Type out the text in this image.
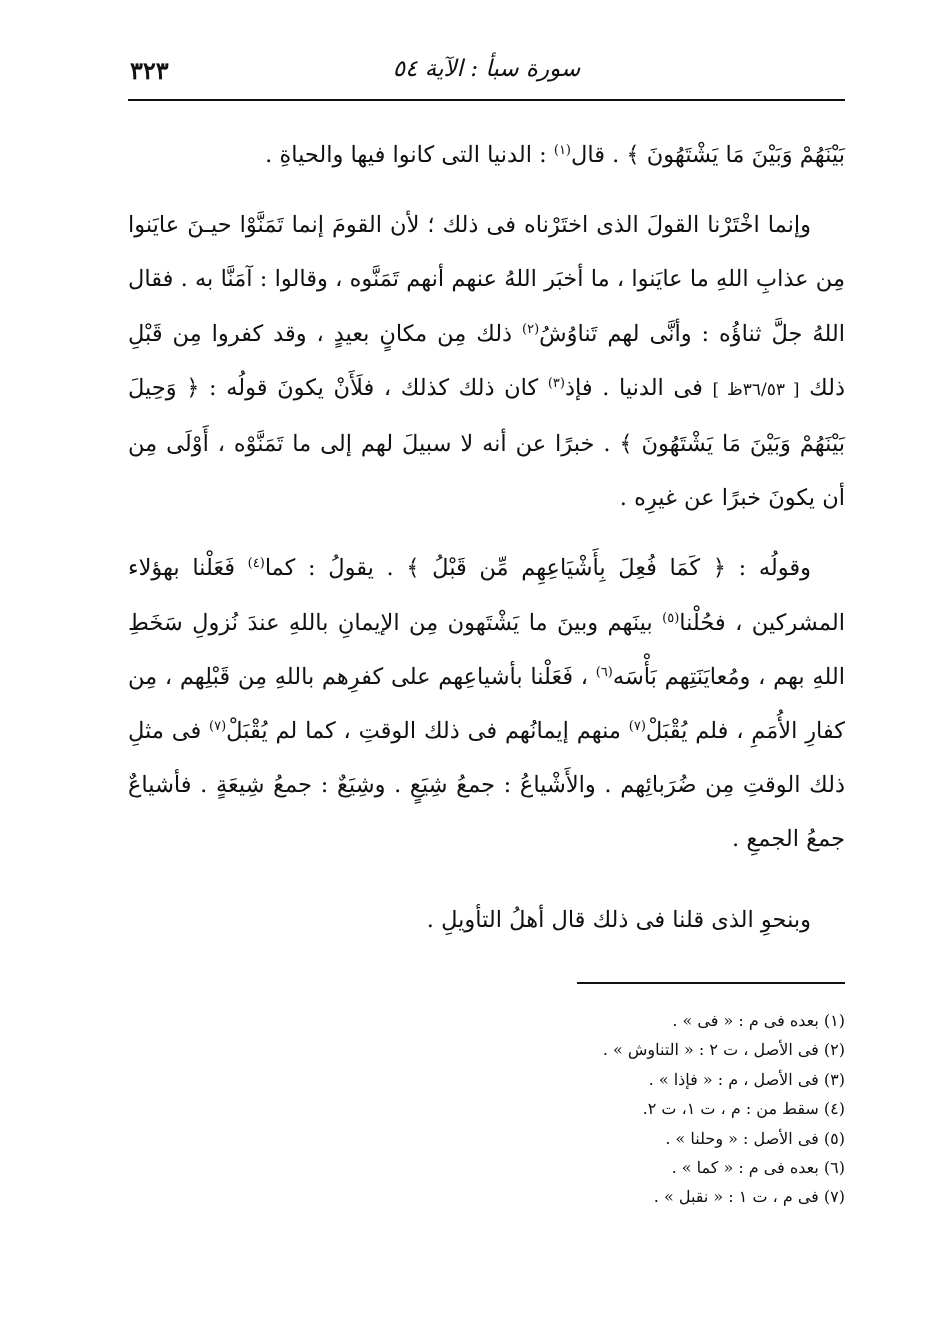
سورة سبأ : الآية ٥٤
٣٢٣

بَيْنَهُمْ وَبَيْنَ مَا يَشْتَهُونَ ﴾ . قال$^{(١)}$ : الدنيا التى كانوا فيها والحياةِ .

وإنما اخْتَرْنا القولَ الذى اختَرْناه فى ذلك ؛ لأن القومَ إنما تَمَنَّوْا حيـنَ عايَنوا مِن عذابِ اللهِ ما عايَنوا ، ما أخبَر اللهُ عنهم أنهم تَمَنَّوه ، وقالوا : آمَنَّا به . فقال اللهُ جلَّ ثناؤُه : وأنَّى لهم تَناوُشُ$^{(٢)}$ ذلك مِن مكانٍ بعيدٍ ، وقد كفروا مِن قَبْلِ ذلك [ ٣٦/٥٣ظ ] فى الدنيا . فإذ$^{(٣)}$ كان ذلك كذلك ، فلَأَنْ يكونَ قولُه : ﴿ وَحِيلَ بَيْنَهُمْ وَبَيْنَ مَا يَشْتَهُونَ ﴾ . خبرًا عن أنه لا سبيلَ لهم إلى ما تَمَنَّوْه ، أَوْلَى مِن أن يكونَ خبرًا عن غيرِه .

وقولُه : ﴿ كَمَا فُعِلَ بِأَشْيَاعِهِم مِّن قَبْلُ ﴾ . يقولُ : كما$^{(٤)}$ فَعَلْنا بهؤلاء المشركين ، فحُلْنا$^{(٥)}$ بينَهم وبينَ ما يَشْتَهون مِن الإيمانِ باللهِ عندَ نُزولِ سَخَطِ اللهِ بهم ، ومُعايَنَتِهم بَأْسَه$^{(٦)}$ ، فَعَلْنا بأشياعِهم على كفرِهم باللهِ مِن قَبْلِهم ، مِن كفارِ الأُمَمِ ، فلم يُقْبَلْ$^{(٧)}$ منهم إيمانُهم فى ذلك الوقتِ ، كما لم يُقْبَلْ$^{(٧)}$ فى مثلِ ذلك الوقتِ مِن ضُرَبائِهم . والأَشْياعُ : جمعُ شِيَعٍ . وشِيَعٌ : جمعُ شِيعَةٍ . فأشياعٌ جمعُ الجمعِ .

وبنحوِ الذى قلنا فى ذلك قال أهلُ التأويلِ .

(١) بعده فى م : « فى » .

(٢) فى الأصل ، ت ٢ : « التناوش » .

(٣) فى الأصل ، م : « فإذا » .

(٤) سقط من : م ، ت ١، ت ٢.

(٥) فى الأصل : « وحلنا » .

(٦) بعده فى م : « كما » .

(٧) فى م ، ت ١ : « نقبل » .
